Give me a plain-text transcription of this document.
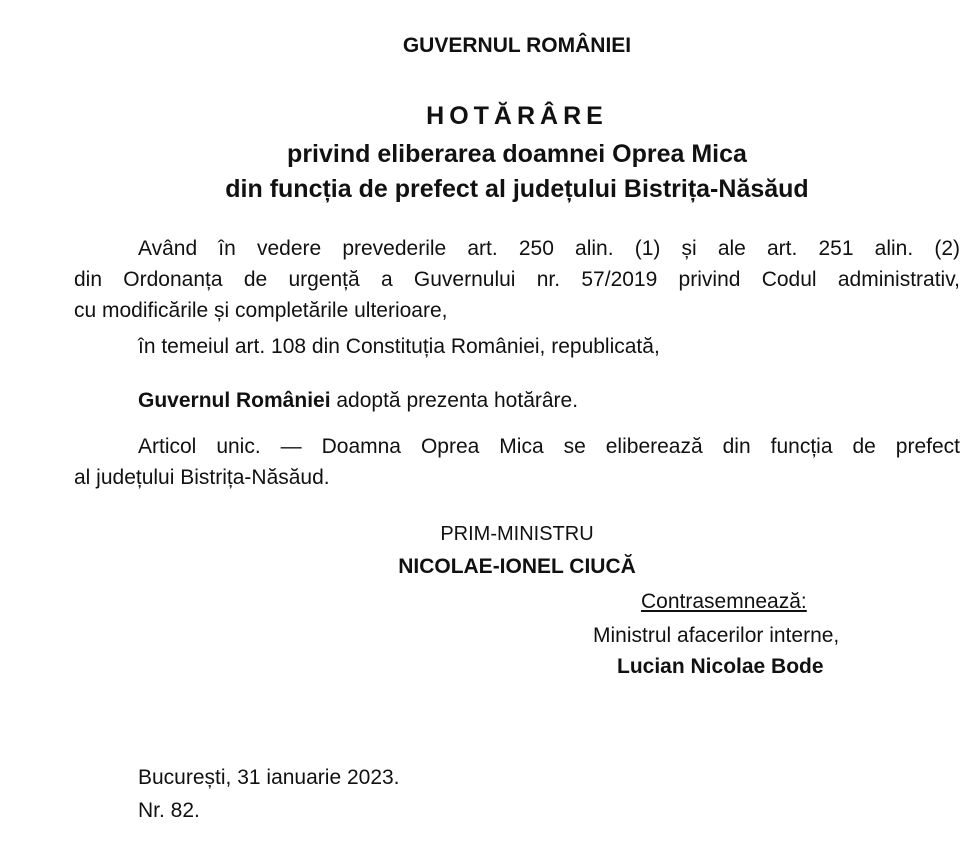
GUVERNUL ROMÂNIEI
HOTĂRÂRE
privind eliberarea doamnei Oprea Mica
din funcția de prefect al județului Bistrița-Năsăud
Având în vedere prevederile art. 250 alin. (1) și ale art. 251 alin. (2)
din Ordonanța de urgență a Guvernului nr. 57/2019 privind Codul administrativ,
cu modificările și completările ulterioare,
în temeiul art. 108 din Constituția României, republicată,
Guvernul României adoptă prezenta hotărâre.
Articol unic. — Doamna Oprea Mica se eliberează din funcția de prefect
al județului Bistrița-Năsăud.
PRIM-MINISTRU
NICOLAE-IONEL CIUCĂ
Contrasemnează:
Ministrul afacerilor interne,
Lucian Nicolae Bode
București, 31 ianuarie 2023.
Nr. 82.
